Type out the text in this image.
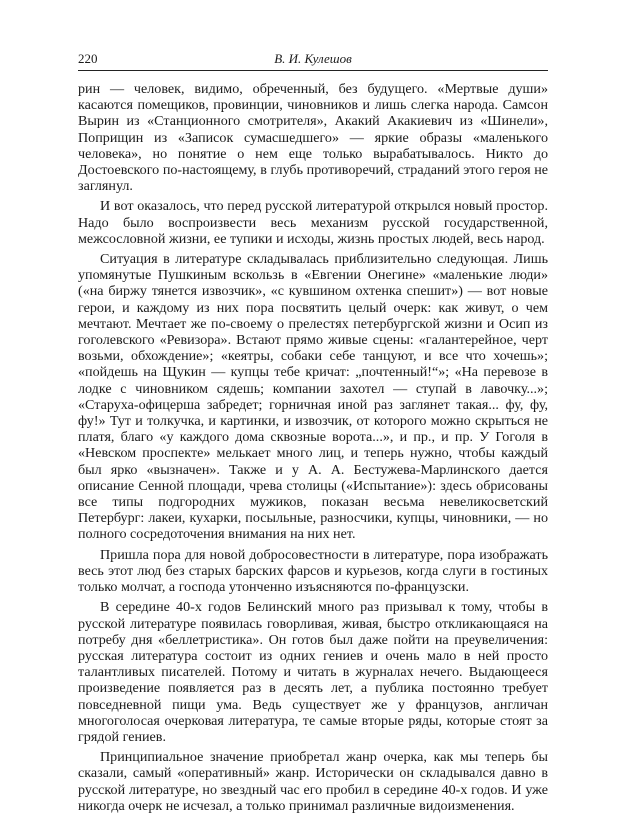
220	В. И. Кулешов

рин — человек, видимо, обреченный, без будущего. «Мертвые души» касаются помещиков, провинции, чиновников и лишь слегка народа. Самсон Вырин из «Станционного смотрителя», Акакий Акакиевич из «Шинели», Поприщин из «Записок сумасшедшего» — яркие образы «маленького человека», но понятие о нем еще только вырабатывалось. Никто до Достоевского по-настоящему, в глубь противоречий, страданий этого героя не заглянул.

И вот оказалось, что перед русской литературой открылся новый простор. Надо было воспроизвести весь механизм русской государственной, межсословной жизни, ее тупики и исходы, жизнь простых людей, весь народ.

Ситуация в литературе складывалась приблизительно следующая. Лишь упомянутые Пушкиным вскользь в «Евгении Онегине» «маленькие люди» («на биржу тянется извозчик», «с кувшином охтенка спешит») — вот новые герои, и каждому из них пора посвятить целый очерк: как живут, о чем мечтают. Мечтает же по-своему о прелестях петербургской жизни и Осип из гоголевского «Ревизора». Встают прямо живые сцены: «галантерейное, черт возьми, обхождение»; «кеятры, собаки себе танцуют, и все что хочешь»; «пойдешь на Щукин — купцы тебе кричат: „почтенный!“»; «На перевозе в лодке с чиновником сядешь; компании захотел — ступай в лавочку...»; «Старуха-офицерша забредет; горничная иной раз заглянет такая... фу, фу, фу!» Тут и толкучка, и картинки, и извозчик, от которого можно скрыться не платя, благо «у каждого дома сквозные ворота...», и пр., и пр. У Гоголя в «Невском проспекте» мелькает много лиц, и теперь нужно, чтобы каждый был ярко «вызначен». Также и у А. А. Бестужева-Марлинского дается описание Сенной площади, чрева столицы («Испытание»): здесь обрисованы все типы подгородних мужиков, показан весьма невеликосветский Петербург: лакеи, кухарки, посыльные, разносчики, купцы, чиновники, — но полного сосредоточения внимания на них нет.

Пришла пора для новой добросовестности в литературе, пора изображать весь этот люд без старых барских фарсов и курьезов, когда слуги в гостиных только молчат, а господа утонченно изъясняются по-французски.

В середине 40-х годов Белинский много раз призывал к тому, чтобы в русской литературе появилась говорливая, живая, быстро откликающаяся на потребу дня «беллетристика». Он готов был даже пойти на преувеличения: русская литература состоит из одних гениев и очень мало в ней просто талантливых писателей. Потому и читать в журналах нечего. Выдающееся произведение появляется раз в десять лет, а публика постоянно требует повседневной пищи ума. Ведь существует же у французов, англичан многоголосая очерковая литература, те самые вторые ряды, которые стоят за грядой гениев.

Принципиальное значение приобретал жанр очерка, как мы теперь бы сказали, самый «оперативный» жанр. Исторически он складывался давно в русской литературе, но звездный час его пробил в середине 40-х годов. И уже никогда очерк не исчезал, а только принимал различные видоизменения.
